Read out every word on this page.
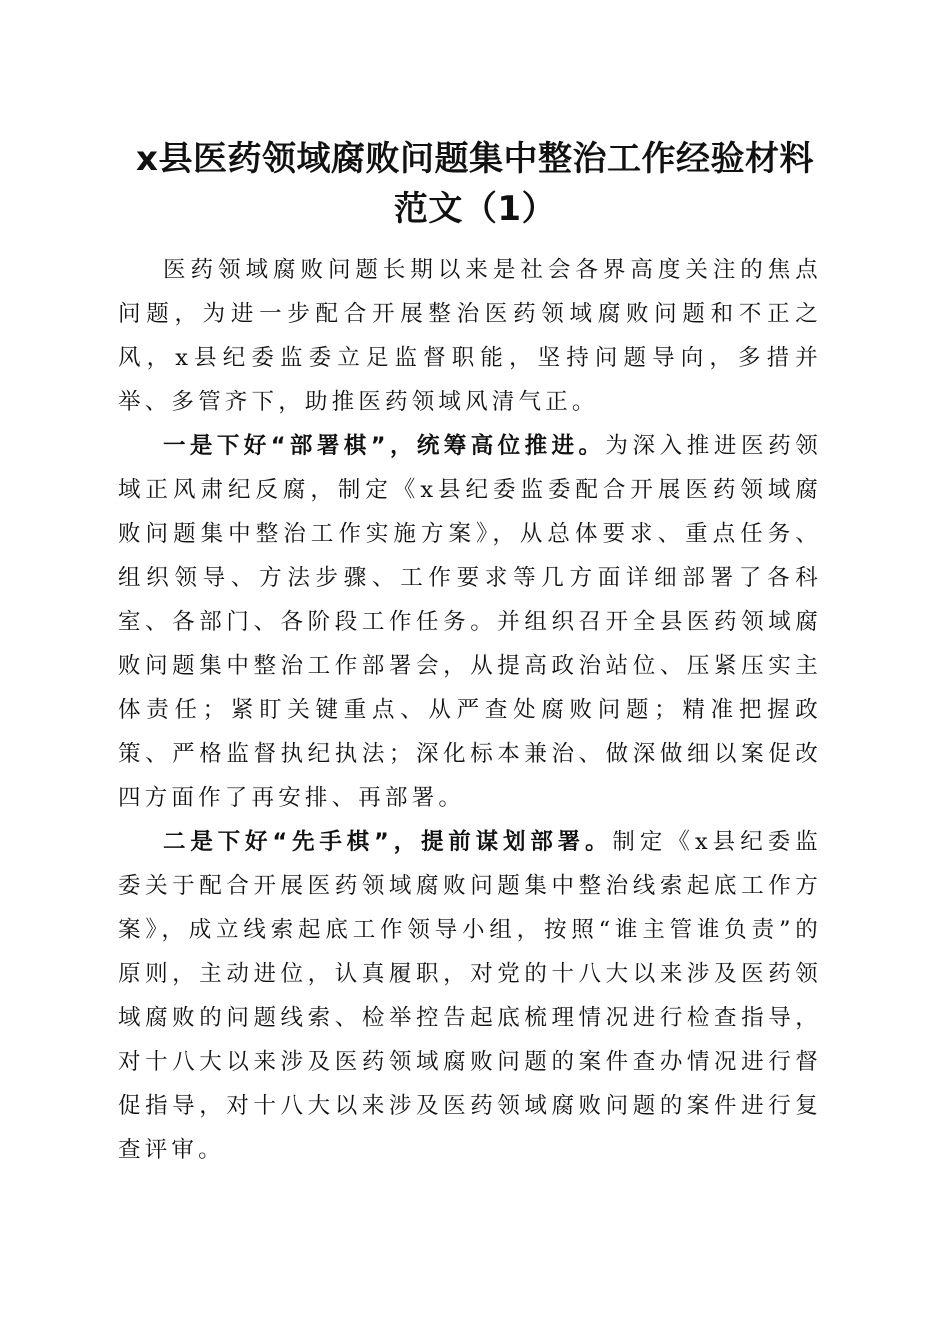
x县医药领域腐败问题集中整治工作经验材料
范文（1）

医药领域腐败问题长期以来是社会各界高度关注的焦点问题，为进一步配合开展整治医药领域腐败问题和不正之风，x县纪委监委立足监督职能，坚持问题导向，多措并举、多管齐下，助推医药领域风清气正。

一是下好“部署棋”，统筹高位推进。为深入推进医药领域正风肃纪反腐，制定《x县纪委监委配合开展医药领域腐败问题集中整治工作实施方案》，从总体要求、重点任务、组织领导、方法步骤、工作要求等几方面详细部署了各科室、各部门、各阶段工作任务。并组织召开全县医药领域腐败问题集中整治工作部署会，从提高政治站位、压紧压实主体责任；紧盯关键重点、从严查处腐败问题；精准把握政策、严格监督执纪执法；深化标本兼治、做深做细以案促改四方面作了再安排、再部署。

二是下好“先手棋”，提前谋划部署。制定《x县纪委监委关于配合开展医药领域腐败问题集中整治线索起底工作方案》，成立线索起底工作领导小组，按照“谁主管谁负责”的原则，主动进位，认真履职，对党的十八大以来涉及医药领域腐败的问题线索、检举控告起底梳理情况进行检查指导，对十八大以来涉及医药领域腐败问题的案件查办情况进行督促指导，对十八大以来涉及医药领域腐败问题的案件进行复查评审。
